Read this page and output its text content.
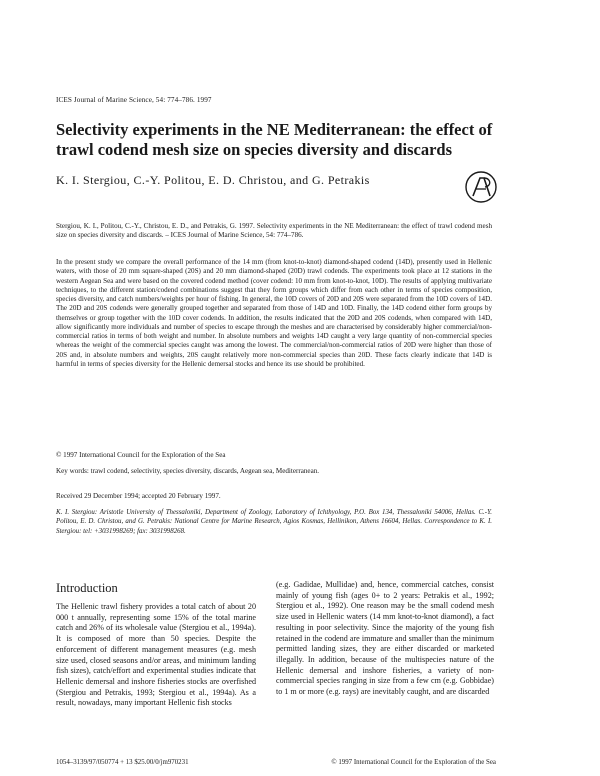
ICES Journal of Marine Science, 54: 774–786. 1997
Selectivity experiments in the NE Mediterranean: the effect of trawl codend mesh size on species diversity and discards
K. I. Stergiou, C.-Y. Politou, E. D. Christou, and G. Petrakis

Stergiou, K. I., Politou, C.-Y., Christou, E. D., and Petrakis, G. 1997. Selectivity experiments in the NE Mediterranean: the effect of trawl codend mesh size on species diversity and discards. – ICES Journal of Marine Science, 54: 774–786.

In the present study we compare the overall performance of the 14 mm (from knot-to-knot) diamond-shaped codend (14D), presently used in Hellenic waters, with those of 20 mm square-shaped (20S) and 20 mm diamond-shaped (20D) trawl codends. The experiments took place at 12 stations in the western Aegean Sea and were based on the covered codend method (cover codend: 10 mm from knot-to-knot, 10D). The results of applying multivariate techniques, to the different station/codend combinations suggest that they form groups which differ from each other in terms of species composition, species diversity, and catch numbers/weights per hour of fishing. In general, the 10D covers of 20D and 20S were separated from the 10D covers of 14D. The 20D and 20S codends were generally grouped together and separated from those of 14D and 10D. Finally, the 14D codend either form groups by themselves or group together with the 10D cover codends. In addition, the results indicated that the 20D and 20S codends, when compared with 14D, allow significantly more individuals and number of species to escape through the meshes and are characterised by considerably higher commercial/non-commercial ratios in terms of both weight and number. In absolute numbers and weights 14D caught a very large quantity of non-commercial species whereas the weight of the commercial species caught was among the lowest. The commercial/non-commercial ratios of 20D were higher than those of 20S and, in absolute numbers and weights, 20S caught relatively more non-commercial species than 20D. These facts clearly indicate that 14D is harmful in terms of species diversity for the Hellenic demersal stocks and hence its use should be prohibited.

© 1997 International Council for the Exploration of the Sea

Key words: trawl codend, selectivity, species diversity, discards, Aegean sea, Mediterranean.

Received 29 December 1994; accepted 20 February 1997.

K. I. Stergiou: Aristotle University of Thessaloniki, Department of Zoology, Laboratory of Ichthyology, P.O. Box 134, Thessaloniki 54006, Hellas. C.-Y. Politou, E. D. Christou, and G. Petrakis: National Centre for Marine Research, Agios Kosmas, Hellinikon, Athens 16604, Hellas. Correspondence to K. I. Stergiou: tel: +3031998269; fax: 3031998268.

Introduction

The Hellenic trawl fishery provides a total catch of about 20 000 t annually, representing some 15% of the total marine catch and 26% of its wholesale value (Stergiou et al., 1994a). It is composed of more than 50 species. Despite the enforcement of different management measures (e.g. mesh size used, closed seasons and/or areas, and minimum landing fish sizes), catch/effort and experimental studies indicate that Hellenic demersal and inshore fisheries stocks are overfished (Stergiou and Petrakis, 1993; Stergiou et al., 1994a). As a result, nowadays, many important Hellenic fish stocks

(e.g. Gadidae, Mullidae) and, hence, commercial catches, consist mainly of young fish (ages 0+ to 2 years: Petrakis et al., 1992; Stergiou et al., 1992). One reason may be the small codend mesh size used in Hellenic waters (14 mm knot-to-knot diamond), a fact resulting in poor selectivity. Since the majority of the young fish retained in the codend are immature and smaller than the minimum permitted landing sizes, they are either discarded or marketed illegally. In addition, because of the multispecies nature of the Hellenic demersal and inshore fisheries, a variety of non-commercial species ranging in size from a few cm (e.g. Gobbidae) to 1 m or more (e.g. rays) are inevitably caught, and are discarded

1054–3139/97/050774 + 13 $25.00/0/jm970231	© 1997 International Council for the Exploration of the Sea
